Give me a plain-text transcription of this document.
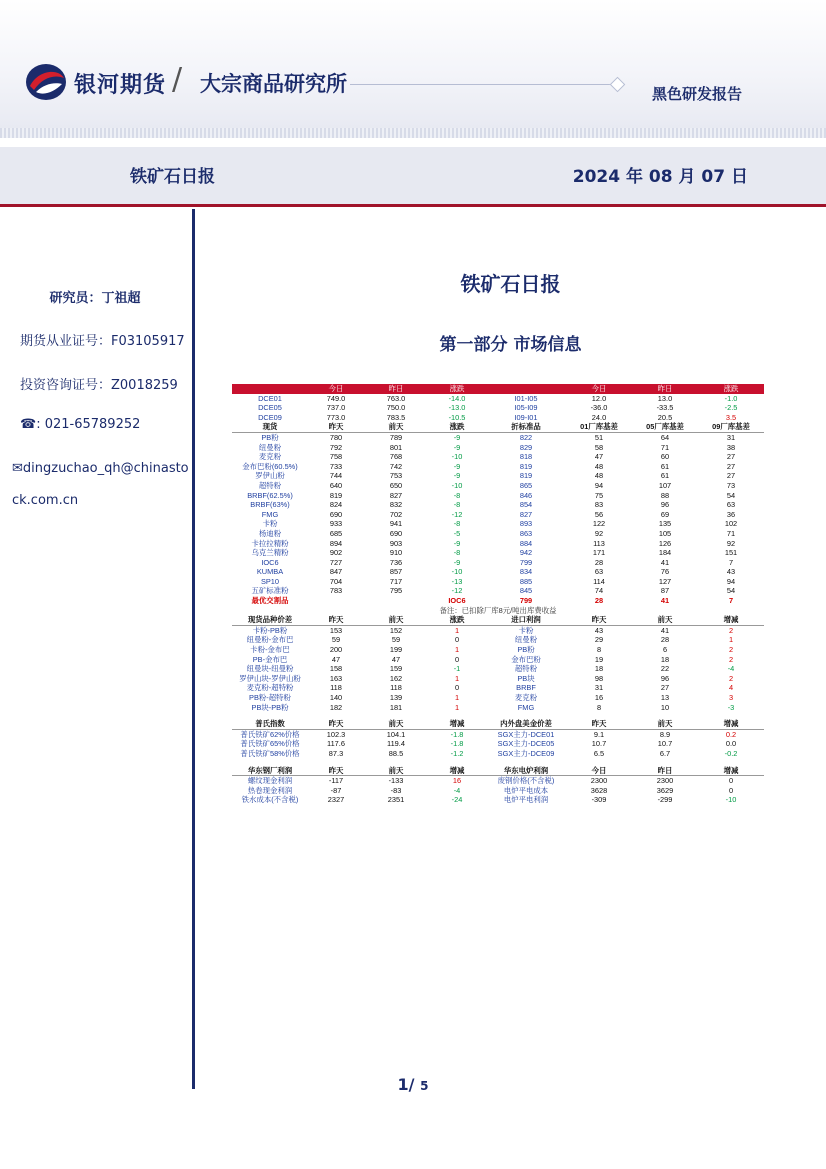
银河期货 / 大宗商品研究所	黑色研发报告
铁矿石日报	2024 年 08 月 07 日
研究员：丁祖超
期货从业证号：F03105917
投资咨询证号：Z0018259
☎: 021-65789252
✉dingzuchao_qh@chinasto
ck.com.cn
铁矿石日报
第一部分 市场信息
	今日	昨日	涨跌		今日	昨日	涨跌
DCE01	749.0	763.0	-14.0	I01-I05	12.0	13.0	-1.0
DCE05	737.0	750.0	-13.0	I05-I09	-36.0	-33.5	-2.5
DCE09	773.0	783.5	-10.5	I09-I01	24.0	20.5	3.5
现货	昨天	前天	涨跌	折标准品	01厂库基差	05厂库基差	09厂库基差
PB粉	780	789	-9	822	51	64	31
纽曼粉	792	801	-9	829	58	71	38
麦克粉	758	768	-10	818	47	60	27
金布巴粉(60.5%)	733	742	-9	819	48	61	27
罗伊山粉	744	753	-9	819	48	61	27
超特粉	640	650	-10	865	94	107	73
BRBF(62.5%)	819	827	-8	846	75	88	54
BRBF(63%)	824	832	-8	854	83	96	63
FMG	690	702	-12	827	56	69	36
卡粉	933	941	-8	893	122	135	102
杨迪粉	685	690	-5	863	92	105	71
卡拉拉精粉	894	903	-9	884	113	126	92
乌克兰精粉	902	910	-8	942	171	184	151
IOC6	727	736	-9	799	28	41	7
KUMBA	847	857	-10	834	63	76	43
SP10	704	717	-13	885	114	127	94
五矿标准粉	783	795	-12	845	74	87	54
最优交割品			IOC6	799	28	41	7
备注：已扣除厂库8元/吨出库费收益							
现货品种价差	昨天	前天	涨跌	进口利润	昨天	前天	增减
卡粉-PB粉	153	152	1	卡粉	43	41	2
纽曼粉-金布巴	59	59	0	纽曼粉	29	28	1
卡粉-金布巴	200	199	1	PB粉	8	6	2
PB-金布巴	47	47	0	金布巴粉	19	18	2
纽曼块-纽曼粉	158	159	-1	超特粉	18	22	-4
罗伊山块-罗伊山粉	163	162	1	PB块	98	96	2
麦克粉-超特粉	118	118	0	BRBF	31	27	4
PB粉-超特粉	140	139	1	麦克粉	16	13	3
PB块-PB粉	182	181	1	FMG	8	10	-3

普氏指数	昨天	前天	增减	内外盘美金价差	昨天	前天	增减
普氏铁矿62%价格	102.3	104.1	-1.8	SGX主力-DCE01	9.1	8.9	0.2
普氏铁矿65%价格	117.6	119.4	-1.8	SGX主力-DCE05	10.7	10.7	0.0
普氏铁矿58%价格	87.3	88.5	-1.2	SGX主力-DCE09	6.5	6.7	-0.2

华东钢厂利润	昨天	前天	增减	华东电炉利润	今日	昨日	增减
螺纹现金利润	-117	-133	16	废钢价格(不含税)	2300	2300	0
热卷现金利润	-87	-83	-4	电炉平电成本	3628	3629	0
铁水成本(不含税)	2327	2351	-24	电炉平电利润	-309	-299	-10
1/ 5
